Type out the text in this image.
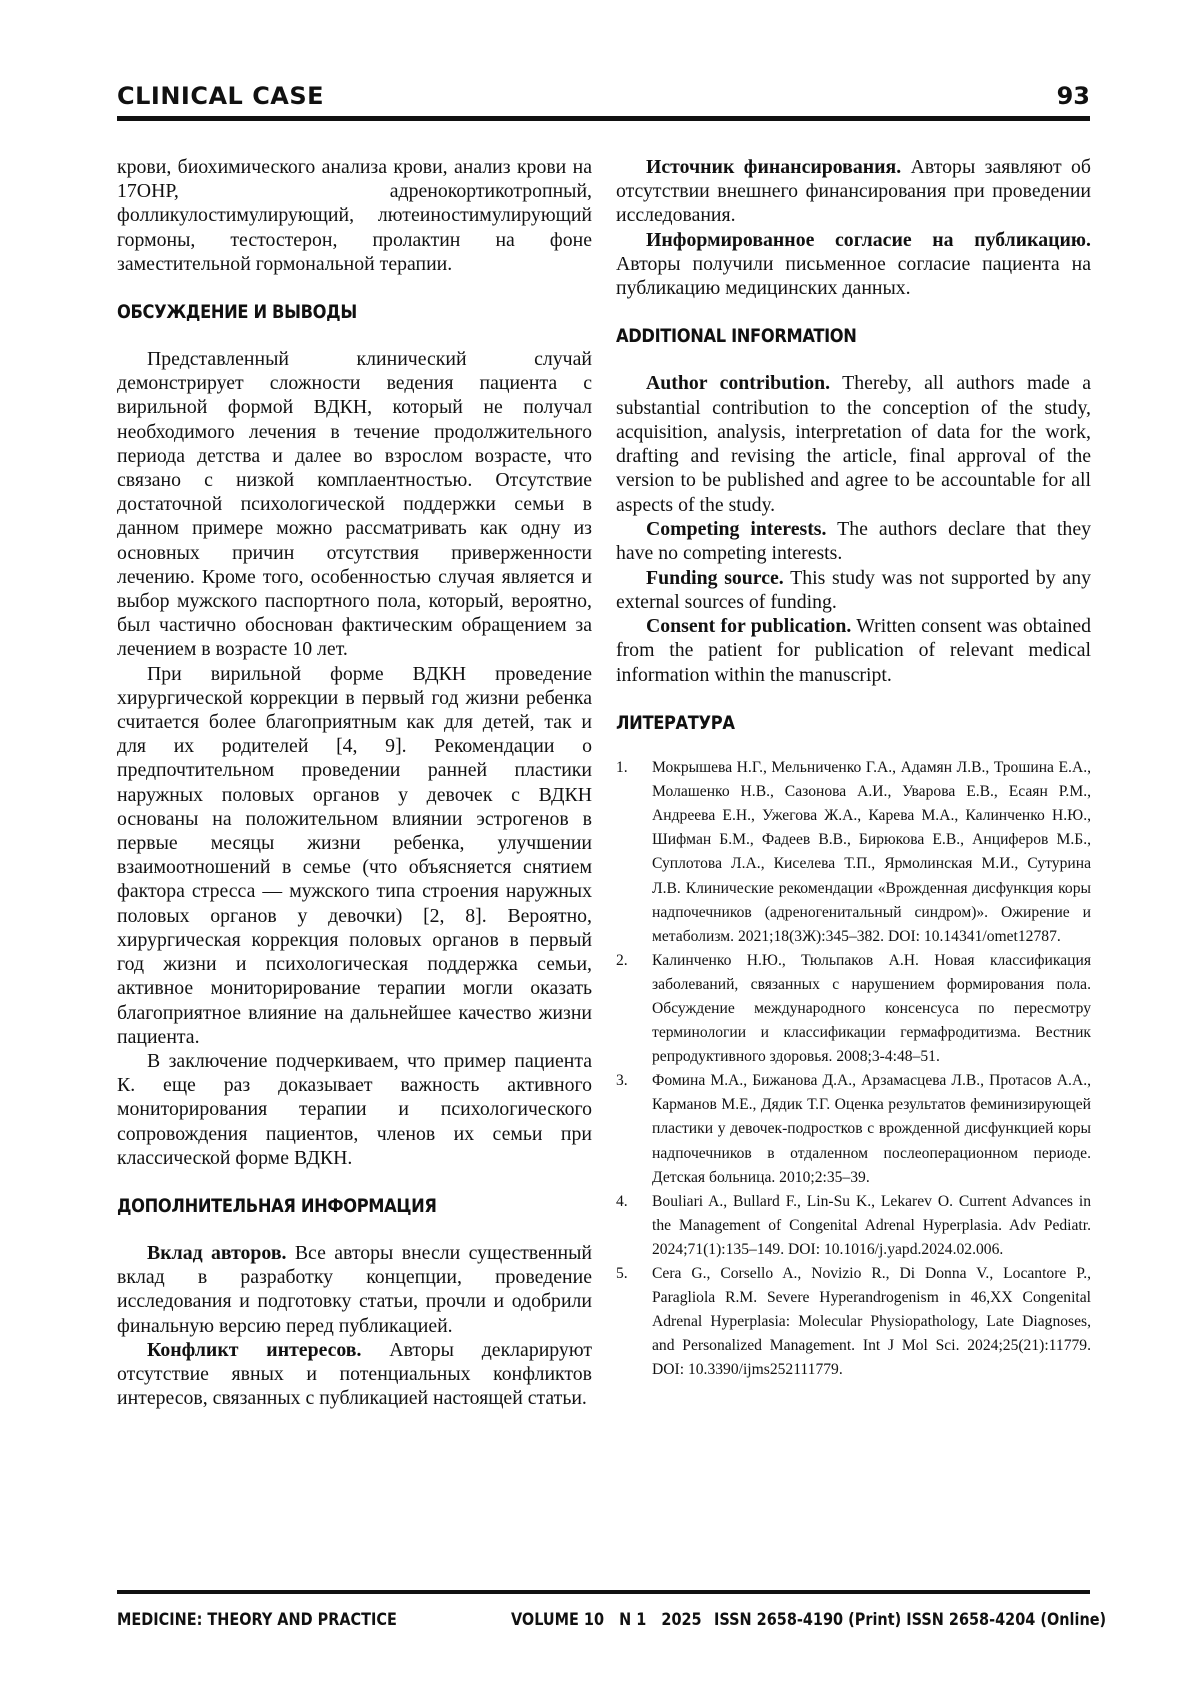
CLINICAL CASE	93

крови, биохимического анализа крови, анализ крови на 17ОНР, адренокортикотропный, фолликулостимулирующий, лютеиностимулирующий гормоны, тестостерон, пролактин на фоне заместительной гормональной терапии.

ОБСУЖДЕНИЕ И ВЫВОДЫ

Представленный клинический случай демонстрирует сложности ведения пациента с вирильной формой ВДКН, который не получал необходимого лечения в течение продолжительного периода детства и далее во взрослом возрасте, что связано с низкой комплаентностью. Отсутствие достаточной психологической поддержки семьи в данном примере можно рассматривать как одну из основных причин отсутствия приверженности лечению. Кроме того, особенностью случая является и выбор мужского паспортного пола, который, вероятно, был частично обоснован фактическим обращением за лечением в возрасте 10 лет.

При вирильной форме ВДКН проведение хирургической коррекции в первый год жизни ребенка считается более благоприятным как для детей, так и для их родителей [4, 9]. Рекомендации о предпочтительном проведении ранней пластики наружных половых органов у девочек с ВДКН основаны на положительном влиянии эстрогенов в первые месяцы жизни ребенка, улучшении взаимоотношений в семье (что объясняется снятием фактора стресса — мужского типа строения наружных половых органов у девочки) [2, 8]. Вероятно, хирургическая коррекция половых органов в первый год жизни и психологическая поддержка семьи, активное мониторирование терапии могли оказать благоприятное влияние на дальнейшее качество жизни пациента.

В заключение подчеркиваем, что пример пациента К. еще раз доказывает важность активного мониторирования терапии и психологического сопровождения пациентов, членов их семьи при классической форме ВДКН.

ДОПОЛНИТЕЛЬНАЯ ИНФОРМАЦИЯ

Вклад авторов. Все авторы внесли существенный вклад в разработку концепции, проведение исследования и подготовку статьи, прочли и одобрили финальную версию перед публикацией.

Конфликт интересов. Авторы декларируют отсутствие явных и потенциальных конфликтов интересов, связанных с публикацией настоящей статьи.

Источник финансирования. Авторы заявляют об отсутствии внешнего финансирования при проведении исследования.

Информированное согласие на публикацию. Авторы получили письменное согласие пациента на публикацию медицинских данных.

ADDITIONAL INFORMATION

Author contribution. Thereby, all authors made a substantial contribution to the conception of the study, acquisition, analysis, interpretation of data for the work, drafting and revising the article, final approval of the version to be published and agree to be accountable for all aspects of the study.

Competing interests. The authors declare that they have no competing interests.

Funding source. This study was not supported by any external sources of funding.

Consent for publication. Written consent was obtained from the patient for publication of relevant medical information within the manuscript.

ЛИТЕРАТУРА
1. Мокрышева Н.Г., Мельниченко Г.А., Адамян Л.В., Трошина Е.А., Молашенко Н.В., Сазонова А.И., Уварова Е.В., Есаян Р.М., Андреева Е.Н., Ужегова Ж.А., Карева М.А., Калинченко Н.Ю., Шифман Б.М., Фадеев В.В., Бирюкова Е.В., Анциферов М.Б., Суплотова Л.А., Киселева Т.П., Ярмолинская М.И., Сутурина Л.В. Клинические рекомендации «Врожденная дисфункция коры надпочечников (адреногенитальный синдром)». Ожирение и метаболизм. 2021;18(3Ж):345–382. DOI: 10.14341/omet12787.
2. Калинченко Н.Ю., Тюльпаков А.Н. Новая классификация заболеваний, связанных с нарушением формирования пола. Обсуждение международного консенсуса по пересмотру терминологии и классификации гермафродитизма. Вестник репродуктивного здоровья. 2008;3-4:48–51.
3. Фомина М.А., Бижанова Д.А., Арзамасцева Л.В., Протасов А.А., Карманов М.Е., Дядик Т.Г. Оценка результатов феминизирующей пластики у девочек-подростков с врожденной дисфункцией коры надпочечников в отдаленном послеоперационном периоде. Детская больница. 2010;2:35–39.
4. Bouliari A., Bullard F., Lin-Su K., Lekarev O. Current Advances in the Management of Congenital Adrenal Hyperplasia. Adv Pediatr. 2024;71(1):135–149. DOI: 10.1016/j.yapd.2024.02.006.
5. Cera G., Corsello A., Novizio R., Di Donna V., Locantore P., Paragliola R.M. Severe Hyperandrogenism in 46,XX Congenital Adrenal Hyperplasia: Molecular Physiopathology, Late Diagnoses, and Personalized Management. Int J Mol Sci. 2024;25(21):11779. DOI: 10.3390/ijms252111779.
MEDICINE: THEORY AND PRACTICE	VOLUME 10   N 1   2025 ISSN 2658-4190 (Print) ISSN 2658-4204 (Online)
